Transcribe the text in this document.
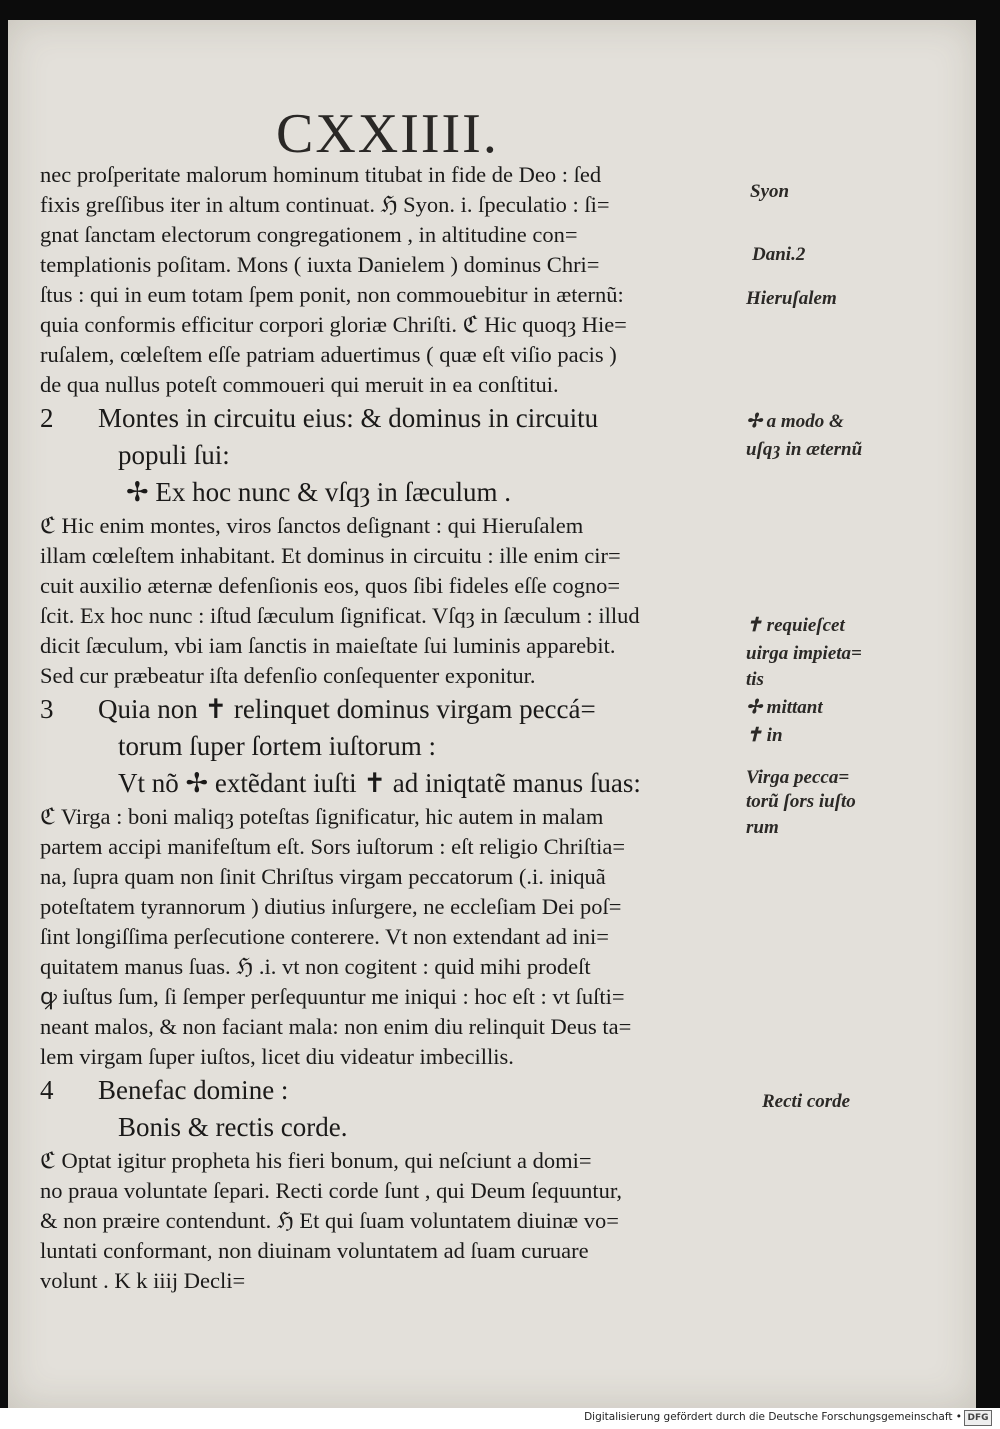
CXXIIII.
nec proſperitate malorum hominum titubat in fide de Deo : ſed
fixis greſſibus iter in altum continuat. ℌ Syon. i. ſpeculatio : ſi=
gnat ſanctam electorum congregationem , in altitudine con=
templationis poſitam. Mons ( iuxta Danielem ) dominus Chri=
ſtus : qui in eum totam ſpem ponit, non commouebitur in æternũ:
quia conformis efficitur corpori gloriæ Chriſti. ℭ Hic quoqȝ Hie=
ruſalem, cœleſtem eſſe patriam aduertimus ( quæ eſt viſio pacis )
de qua nullus poteſt commoueri qui meruit in ea conſtitui.
2 Montes in circuitu eius: & dominus in circuitu
populi ſui:
✢ Ex hoc nunc & vſqȝ in ſæculum .
ℭ Hic enim montes, viros ſanctos deſignant : qui Hieruſalem
illam cœleſtem inhabitant. Et dominus in circuitu : ille enim cir=
cuit auxilio æternæ defenſionis eos, quos ſibi fideles eſſe cogno=
ſcit. Ex hoc nunc : iſtud ſæculum ſignificat. Vſqȝ in ſæculum : illud
dicit ſæculum, vbi iam ſanctis in maieſtate ſui luminis apparebit.
Sed cur præbeatur iſta defenſio conſequenter exponitur.
3 Quia non ✝ relinquet dominus virgam peccá=
torum ſuper ſortem iuſtorum :
Vt nõ ✢ extẽdant iuſti ✝ ad iniqtatẽ manus ſuas:
ℭ Virga : boni maliqȝ poteſtas ſignificatur, hic autem in malam
partem accipi manifeſtum eſt. Sors iuſtorum : eſt religio Chriſtia=
na, ſupra quam non ſinit Chriſtus virgam peccatorum (.i. iniquã
poteſtatem tyrannorum ) diutius inſurgere, ne eccleſiam Dei poſ=
ſint longiſſima perſecutione conterere. Vt non extendant ad ini=
quitatem manus ſuas. ℌ .i. vt non cogitent : quid mihi prodeſt
ꝙ iuſtus ſum, ſi ſemper perſequuntur me iniqui : hoc eſt : vt ſuſti=
neant malos, & non faciant mala: non enim diu relinquit Deus ta=
lem virgam ſuper iuſtos, licet diu videatur imbecillis.
4 Benefac domine :
Bonis & rectis corde.
ℭ Optat igitur propheta his fieri bonum, qui neſciunt a domi=
no praua voluntate ſepari. Recti corde ſunt , qui Deum ſequuntur,
& non præire contendunt. ℌ Et qui ſuam voluntatem diuinæ vo=
luntati conformant, non diuinam voluntatem ad ſuam curuare
volunt . K k iiij Decli=
Syon
Dani.2
Hieruſalem
✢ a modo &
uſqȝ in æternũ
✝ requieſcet
uirga impieta=
tis
✢ mittant
✝ in
Virga pecca=
torũ ſors iuſto
rum
Recti corde
Digitalisierung gefördert durch die Deutsche Forschungsgemeinschaft • DFG
